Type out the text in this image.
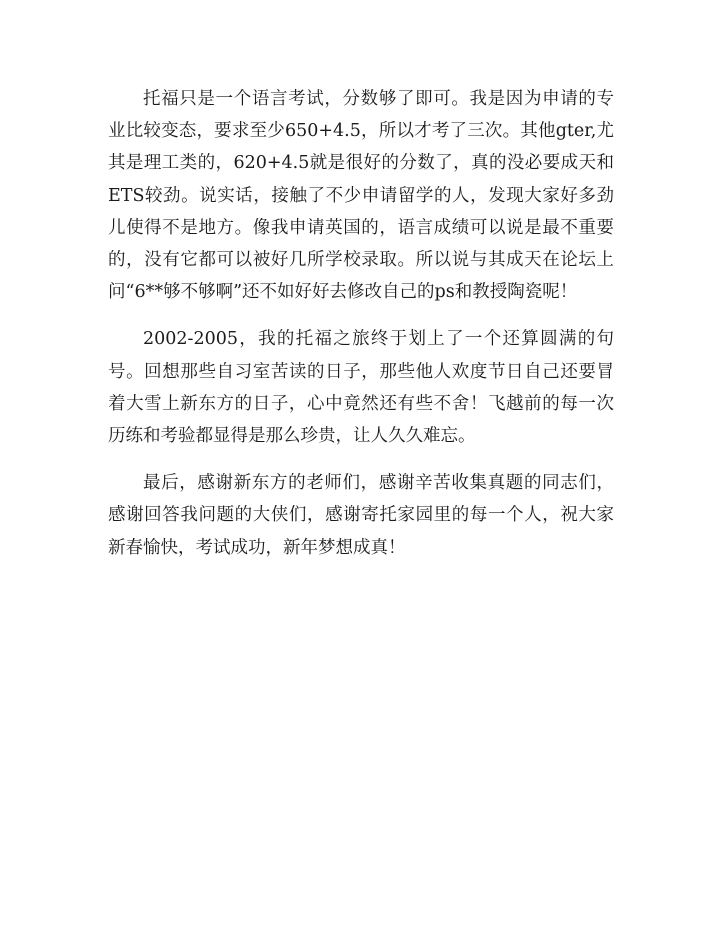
托福只是一个语言考试，分数够了即可。我是因为申请的专业比较变态，要求至少650+4.5，所以才考了三次。其他gter,尤其是理工类的，620+4.5就是很好的分数了，真的没必要成天和ETS较劲。说实话，接触了不少申请留学的人，发现大家好多劲儿使得不是地方。像我申请英国的，语言成绩可以说是最不重要的，没有它都可以被好几所学校录取。所以说与其成天在论坛上问“6**够不够啊”还不如好好去修改自己的ps和教授陶瓷呢！

2002-2005，我的托福之旅终于划上了一个还算圆满的句号。回想那些自习室苦读的日子，那些他人欢度节日自己还要冒着大雪上新东方的日子，心中竟然还有些不舍！飞越前的每一次历练和考验都显得是那么珍贵，让人久久难忘。

最后，感谢新东方的老师们，感谢辛苦收集真题的同志们，感谢回答我问题的大侠们，感谢寄托家园里的每一个人，祝大家新春愉快，考试成功，新年梦想成真！
